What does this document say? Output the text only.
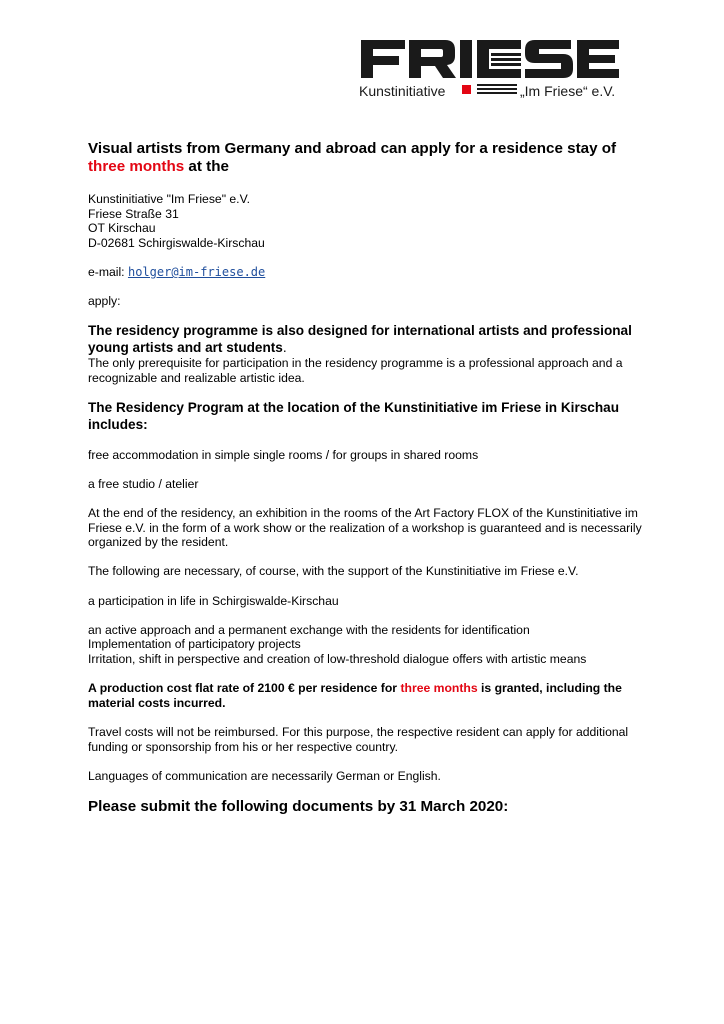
Kunstinitiative	„Im Friese“ e.V.

Visual artists from Germany and abroad can apply for a residence stay of three months at the

Kunstinitiative "Im Friese" e.V.

Friese Straße 31

OT Kirschau

D-02681 Schirgiswalde-Kirschau

e-mail: holger@im-friese.de

apply:

The residency programme is also designed for international artists and professional young artists and art students.

The only prerequisite for participation in the residency programme is a professional approach and a recognizable and realizable artistic idea.

The Residency Program at the location of the Kunstinitiative im Friese in Kirschau includes:

free accommodation in simple single rooms / for groups in shared rooms

a free studio / atelier

At the end of the residency, an exhibition in the rooms of the Art Factory FLOX of the Kunstinitiative im Friese e.V. in the form of a work show or the realization of a workshop is guaranteed and is necessarily organized by the resident.

The following are necessary, of course, with the support of the Kunstinitiative im Friese e.V.

a participation in life in Schirgiswalde-Kirschau

an active approach and a permanent exchange with the residents for identification

Implementation of participatory projects

Irritation, shift in perspective and creation of low-threshold dialogue offers with artistic means

A production cost flat rate of 2100 € per residence for three months is granted, including the material costs incurred.

Travel costs will not be reimbursed. For this purpose, the respective resident can apply for additional funding or sponsorship from his or her respective country.

Languages of communication are necessarily German or English.

Please submit the following documents by 31 March 2020:
